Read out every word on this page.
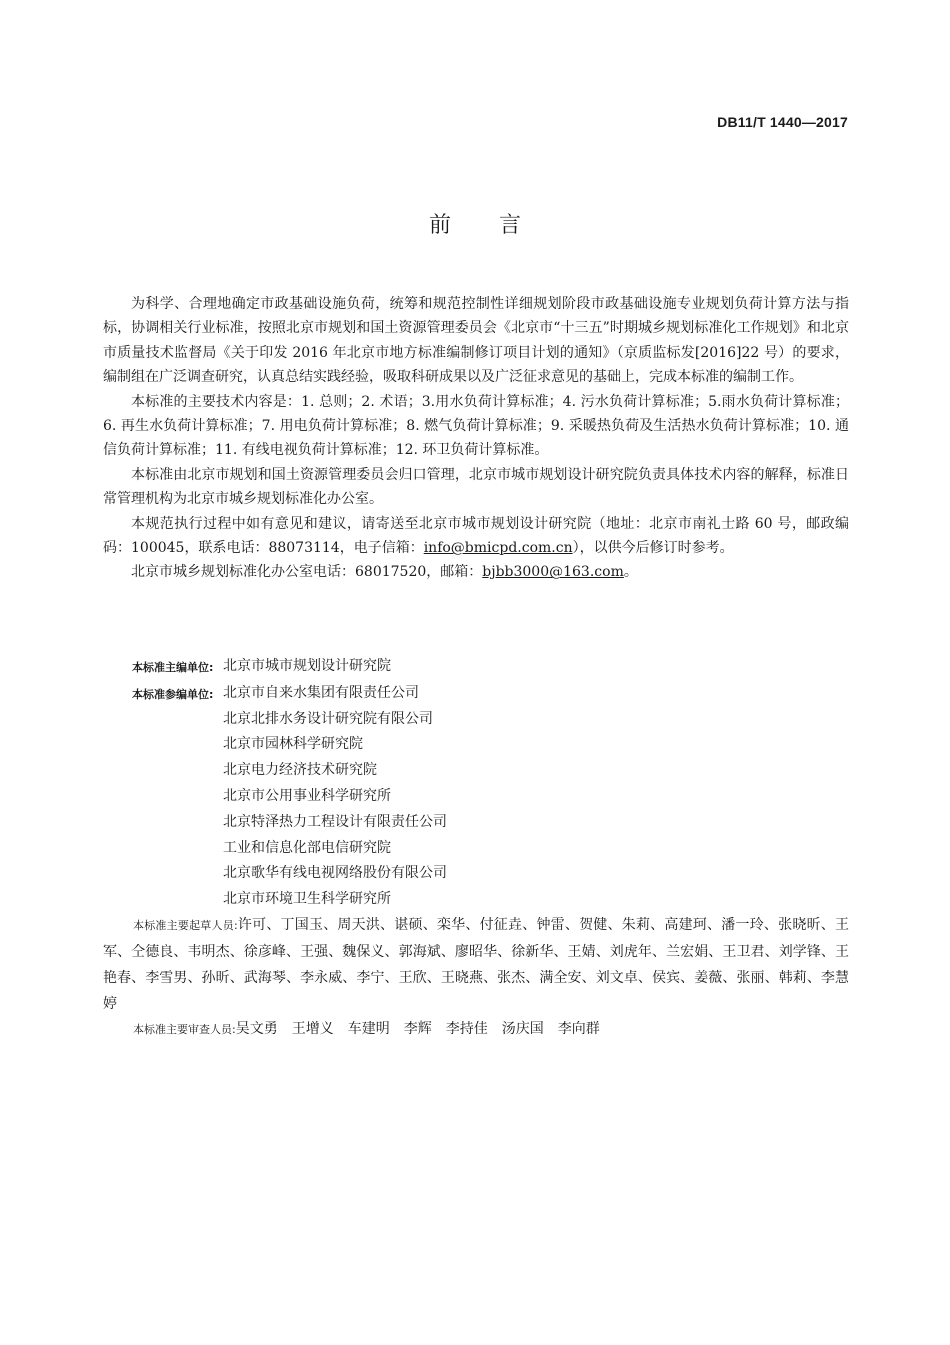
DB11/T 1440—2017
前言

为科学、合理地确定市政基础设施负荷，统筹和规范控制性详细规划阶段市政基础设施专业规划负荷计算方法与指标，协调相关行业标准，按照北京市规划和国土资源管理委员会《北京市“十三五”时期城乡规划标准化工作规划》和北京市质量技术监督局《关于印发 2016 年北京市地方标准编制修订项目计划的通知》（京质监标发[2016]22 号）的要求，编制组在广泛调查研究，认真总结实践经验，吸取科研成果以及广泛征求意见的基础上，完成本标准的编制工作。

本标准的主要技术内容是：1. 总则；2. 术语；3.用水负荷计算标准；4. 污水负荷计算标准；5.雨水负荷计算标准；6. 再生水负荷计算标准；7. 用电负荷计算标准；8. 燃气负荷计算标准；9. 采暖热负荷及生活热水负荷计算标准；10. 通信负荷计算标准；11. 有线电视负荷计算标准；12. 环卫负荷计算标准。

本标准由北京市规划和国土资源管理委员会归口管理，北京市城市规划设计研究院负责具体技术内容的解释，标准日常管理机构为北京市城乡规划标准化办公室。

本规范执行过程中如有意见和建议，请寄送至北京市城市规划设计研究院（地址：北京市南礼士路 60 号，邮政编码：100045，联系电话：88073114，电子信箱：info@bmicpd.com.cn），以供今后修订时参考。

北京市城乡规划标准化办公室电话：68017520，邮箱：bjbb3000@163.com。

本标准主编单位: 北京市城市规划设计研究院
本标准参编单位: 北京市自来水集团有限责任公司
北京北排水务设计研究院有限公司
北京市园林科学研究院
北京电力经济技术研究院
北京市公用事业科学研究所
北京特泽热力工程设计有限责任公司
工业和信息化部电信研究院
北京歌华有线电视网络股份有限公司
北京市环境卫生科学研究所
本标准主要起草人员:许可、丁国玉、周天洪、谌硕、栾华、付征垚、钟雷、贺健、朱莉、高建珂、潘一玲、张晓昕、王军、仝德良、韦明杰、徐彦峰、王强、魏保义、郭海斌、廖昭华、徐新华、王婧、刘虎年、兰宏娟、王卫君、刘学锋、王艳春、李雪男、孙昕、武海琴、李永威、李宁、王欣、王晓燕、张杰、满全安、刘文卓、侯宾、姜薇、张丽、韩莉、李慧婷
本标准主要审查人员:吴文勇　王增义　车建明　李辉　李持佳　汤庆国　李向群
